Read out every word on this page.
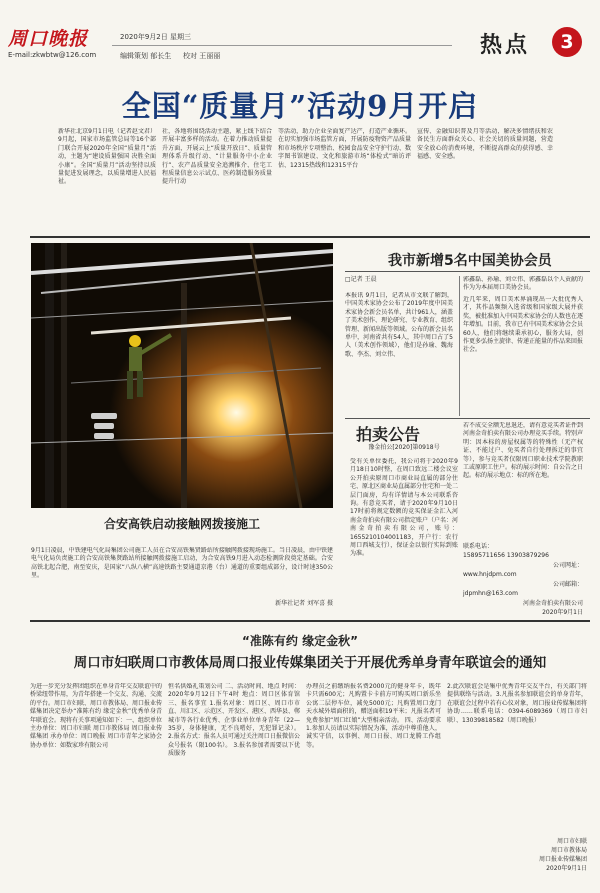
周口晚报
E-mail:zkwbtw@126.com
2020年9月2日 星期三
编辑策划 郁长生 校对 王丽丽	热点	3
全国“质量月”活动9月开启
新华社北京9月1日电（记者赵文君）9月起，国家市场监管总局等16个部门联合开展2020年全国“质量月”活动，主题为“建设质量强国 决胜全面小康”。全国“质量月”活动坚持以质量促进发展理念，以质量增进人民福祉。
社，各地将围绕活动主题，紧上线下结合开展丰富多样的活动。在着力推动质量提升方面，开展云上“质量开放日”、质量管理体系升级行动、“计量服务中小企业行”、农产品质量安全追溯推介、住宅工程质量信息公示试点、医药制造服务质量提升行动
等活动，助力企业全面复产达产，打造产业循环。在切实加强市场监管方面，开展防疫物资产品质量和市场秩序专项整治、校园食品安全守护行动、数字图书馆建设、文化和旅游市场“体检式”暗访评估、12315热线和12315平台
宣传、金融知识普及月等活动，解决多情绪扶和农备民生方面群众关心、社会关切的质量问题，营造安全放心的消费环境，不断提高群众的获得感、幸福感、安全感。
合安高铁启动接触网拨接施工
9月1日凌晨，中铁建电气化局集团公司施工人员在合安高铁集贤路站所接触网拨接现场施工。当日凌晨，由中铁建电气化局负责施工的合安高铁集贤路站所接触网拨接施工启动，为合安高铁9月进入动态检测阶段奠定基础。合安高铁北起合肥，南至安庆，是国家“八纵八横”高速铁路主要通道京港（台）通道的重要组成部分，设计时速350公里。
新华社记者 刘军喜 摄
我市新增5名中国美协会员
□记者 王晨
本报讯 9月1日，记者从市文联了解到，中国美术家协会公布了2019年度中国美术家协会新会员名单，共计961人，涵盖了美术创作、理论研究、专业教育、组织管理、新闻出版等领域。公布的新会员名单中，河南省共有54人，其中周口占了5人（美术创作领域），他们是孙瑜、魏海歌、李杰、刘立伟、
郭鑫磊、孙瑜、刘立伟、郭鑫磊以个人贡献的作为为本届周口美协会员。
近几年来，周口美术界涌现出一大批优秀人才，其作品频频入选省级和国家级大展并获奖，被批准加入中国美术家协会的人数也在逐年增加。目前，我市已有中国美术家协会会员60人，他们将继续秉承初心，服务大局，创作更多弘扬主旋律、传递正能量的作品来回报社会。
拍卖公告
豫金拍公[2020]第0918号
受有关单位委托，我公司将于2020年9月18日10时整，在周口致远二楼会议室公开拍卖原周口市商业局直属的部分住宅、原北区商业局直属部分住宅和一处二层门面房，均有详情请与本公司联系咨询。有意竞买者，请于2020年9月10日17时前将规定数额的竞买保证金汇入河南金奇拍卖有限公司指定账户（户名：河南金奇拍卖有限公司，账号：1655210104001183，开户行：农行周口西城支行），保证金以银行实际到账为准。
若不成交全额无息退还，请有意竞买者证件到河南金奇拍卖有限公司办理竞买手续。特别声明：因本标的房屋权属等的特殊性（无产权证、不能过户、免买者自行处理拆迁的事宜等），参与竞买者仅限周口职业技术学院教职工或原职工住户。标的展示时间：自公告之日起。标的展示地点：标的所在地。
联系电话：
15895711656 13903879296
公司网址：
www.hnjdpm.com
公司邮箱：
jdpmhn@163.com
河南金奇拍卖有限公司
2020年9月1日
“准陈有约 缘定金秋”
周口市妇联周口市教体局周口报业传媒集团关于开展优秀单身青年联谊会的通知
为进一步充分发挥团组织在单身青年交友联谊中的桥梁纽带作用，为青年搭建一个交友、沟通、交流的平台。周口市妇联、周口市教体局、周口报业传媒集团决定举办“准陈有约 缘定金秋”优秀单身青年联谊会。现将有关事项通知如下：一、组织单位 主办单位：周口市妇联 周口市教体局 周口报业传媒集团 承办单位：周口晚报 周口市青年之家协会 协办单位：如数家珍有限公司
恒名供婚礼策划公司 二、活动时间、地点 时间：2020年9月12日下午4时 地点：周口区体育馆 三、报名事宜 1.报名对象：周口区、周口市市直、川汇区、示范区、开发区、港区、西华县、郸城市等各行业优秀、企事业单位单身青年（22—35岁，身体健康，无不良嗜好，无犯罪记录）。 2.报名方式：报名人员可通过关注周口日报微信公众号报名（限100名）。 3.报名参加者需要以下优质服务
办理员之前缴纳报名费2000元的健身年卡，既年卡只需600元；凡购置卡卡前方可购买周口新乐坐公寓二层停车位，减免5000元；凡购置周口龙门天水城外墙面积的，赠送面积19平米；凡报名者可免费参加“周口红娘”大型相亲活动。 四、活动要求 1.参加人员请以实际情况为准，活动中尊重他人，诚实守信，以事例、周口日报、周口龙腾工作组等。
2.此次联谊会是集中优秀青年交友平台，有关部门将提供联络与活动。3.凡报名参加联谊会的单身青年，在联谊会过程中若有心仪对象，周口报业传媒集团将协助……联系电话：0394-6089369（周口市妇联）、13039818582（周口晚报）
周口市妇联
周口市教体局
周口报业传媒集团
2020年9月1日
